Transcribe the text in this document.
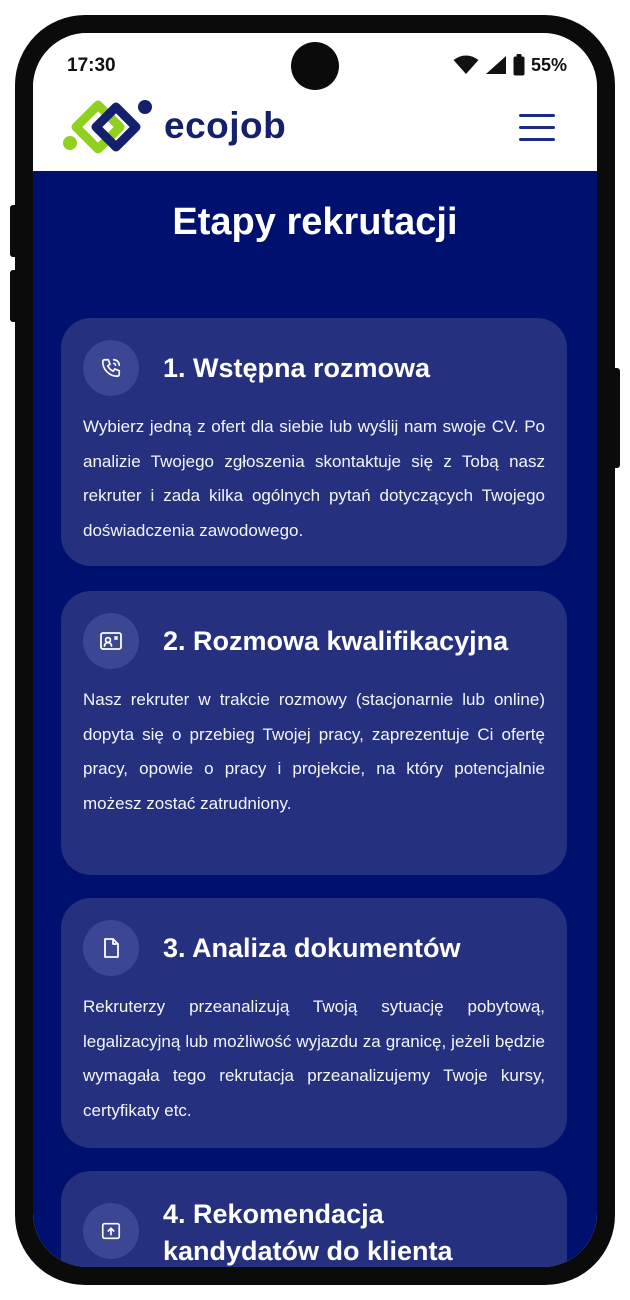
17:30	55%
ecojob
Etapy rekrutacji
1. Wstępna rozmowa
Wybierz jedną z ofert dla siebie lub wyślij nam swoje CV. Po analizie Twojego zgłoszenia skontaktuje się z Tobą nasz rekruter i zada kilka ogólnych pytań dotyczących Twojego doświadczenia zawodowego.
2. Rozmowa kwalifikacyjna
Nasz rekruter w trakcie rozmowy (stacjonarnie lub online) dopyta się o przebieg Twojej pracy, zaprezentuje Ci ofertę pracy, opowie o pracy i projekcie, na który potencjalnie możesz zostać zatrudniony.
3. Analiza dokumentów
Rekruterzy przeanalizują Twoją sytuację pobytową, legalizacyjną lub możliwość wyjazdu za granicę, jeżeli będzie wymagała tego rekrutacja przeanalizujemy Twoje kursy, certyfikaty etc.
4. Rekomendacja kandydatów do klienta
